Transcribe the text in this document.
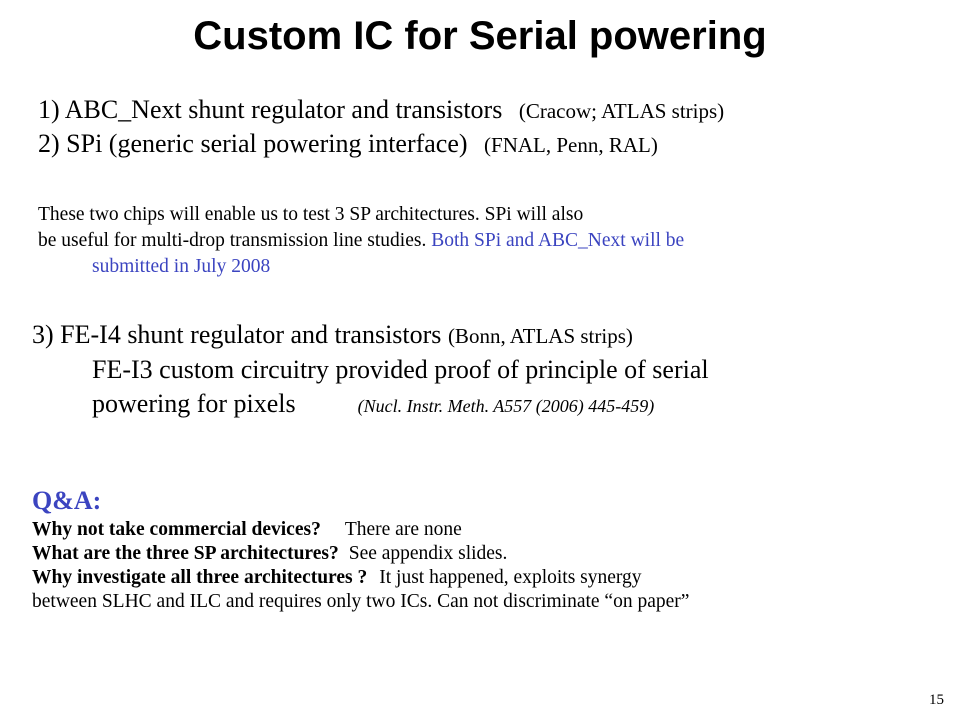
Custom IC for Serial powering
1) ABC_Next shunt regulator and transistors (Cracow; ATLAS strips)
2) SPi (generic serial powering interface) (FNAL, Penn, RAL)
These two chips will enable us to test 3 SP architectures. SPi will also
be useful for multi-drop transmission line studies. Both SPi and ABC_Next will be
submitted in July 2008
3) FE-I4 shunt regulator and transistors (Bonn, ATLAS strips)
FE-I3 custom circuitry provided proof of principle of serial
powering for pixels	(Nucl. Instr. Meth. A557 (2006) 445-459)
Q&A:
Why not take commercial devices? There are none
What are the three SP architectures? See appendix slides.
Why investigate all three architectures ? It just happened, exploits synergy
between SLHC and ILC and requires only two ICs. Can not discriminate “on paper”
15
